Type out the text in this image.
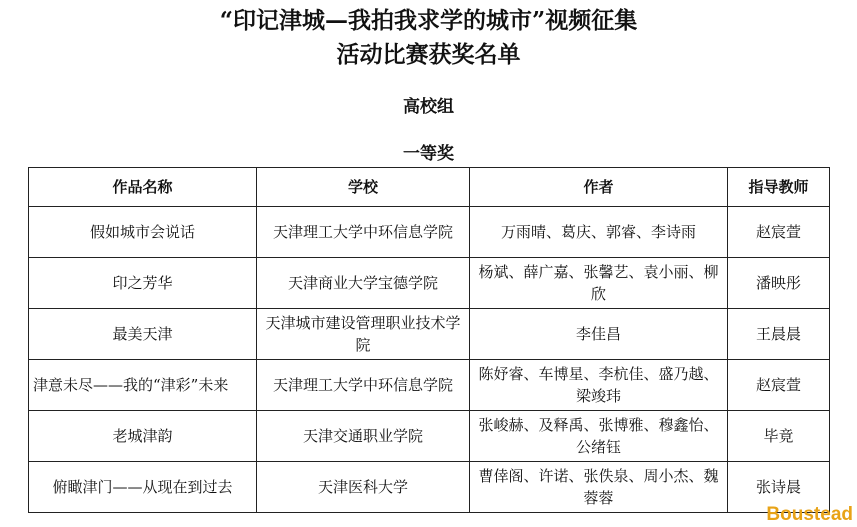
“印记津城—我拍我求学的城市”视频征集
活动比赛获奖名单
高校组
一等奖
作品名称	学校	作者	指导教师
假如城市会说话	天津理工大学中环信息学院	万雨晴、葛庆、郭睿、李诗雨	赵宸萱
印之芳华	天津商业大学宝德学院	杨斌、薛广嘉、张馨艺、袁小丽、柳欣	潘映彤
最美天津	天津城市建设管理职业技术学院	李佳昌	王晨晨
津意未尽——我的“津彩”未来	天津理工大学中环信息学院	陈妤睿、车博星、李杭佳、盛乃越、梁竣玮	赵宸萱
老城津韵	天津交通职业学院	张峻赫、及释禹、张博雅、穆鑫怡、公绪钰	毕竟
俯瞰津门——从现在到过去	天津医科大学	曹倖阁、许诺、张佚泉、周小杰、魏蓉蓉	张诗晨
Boustead
